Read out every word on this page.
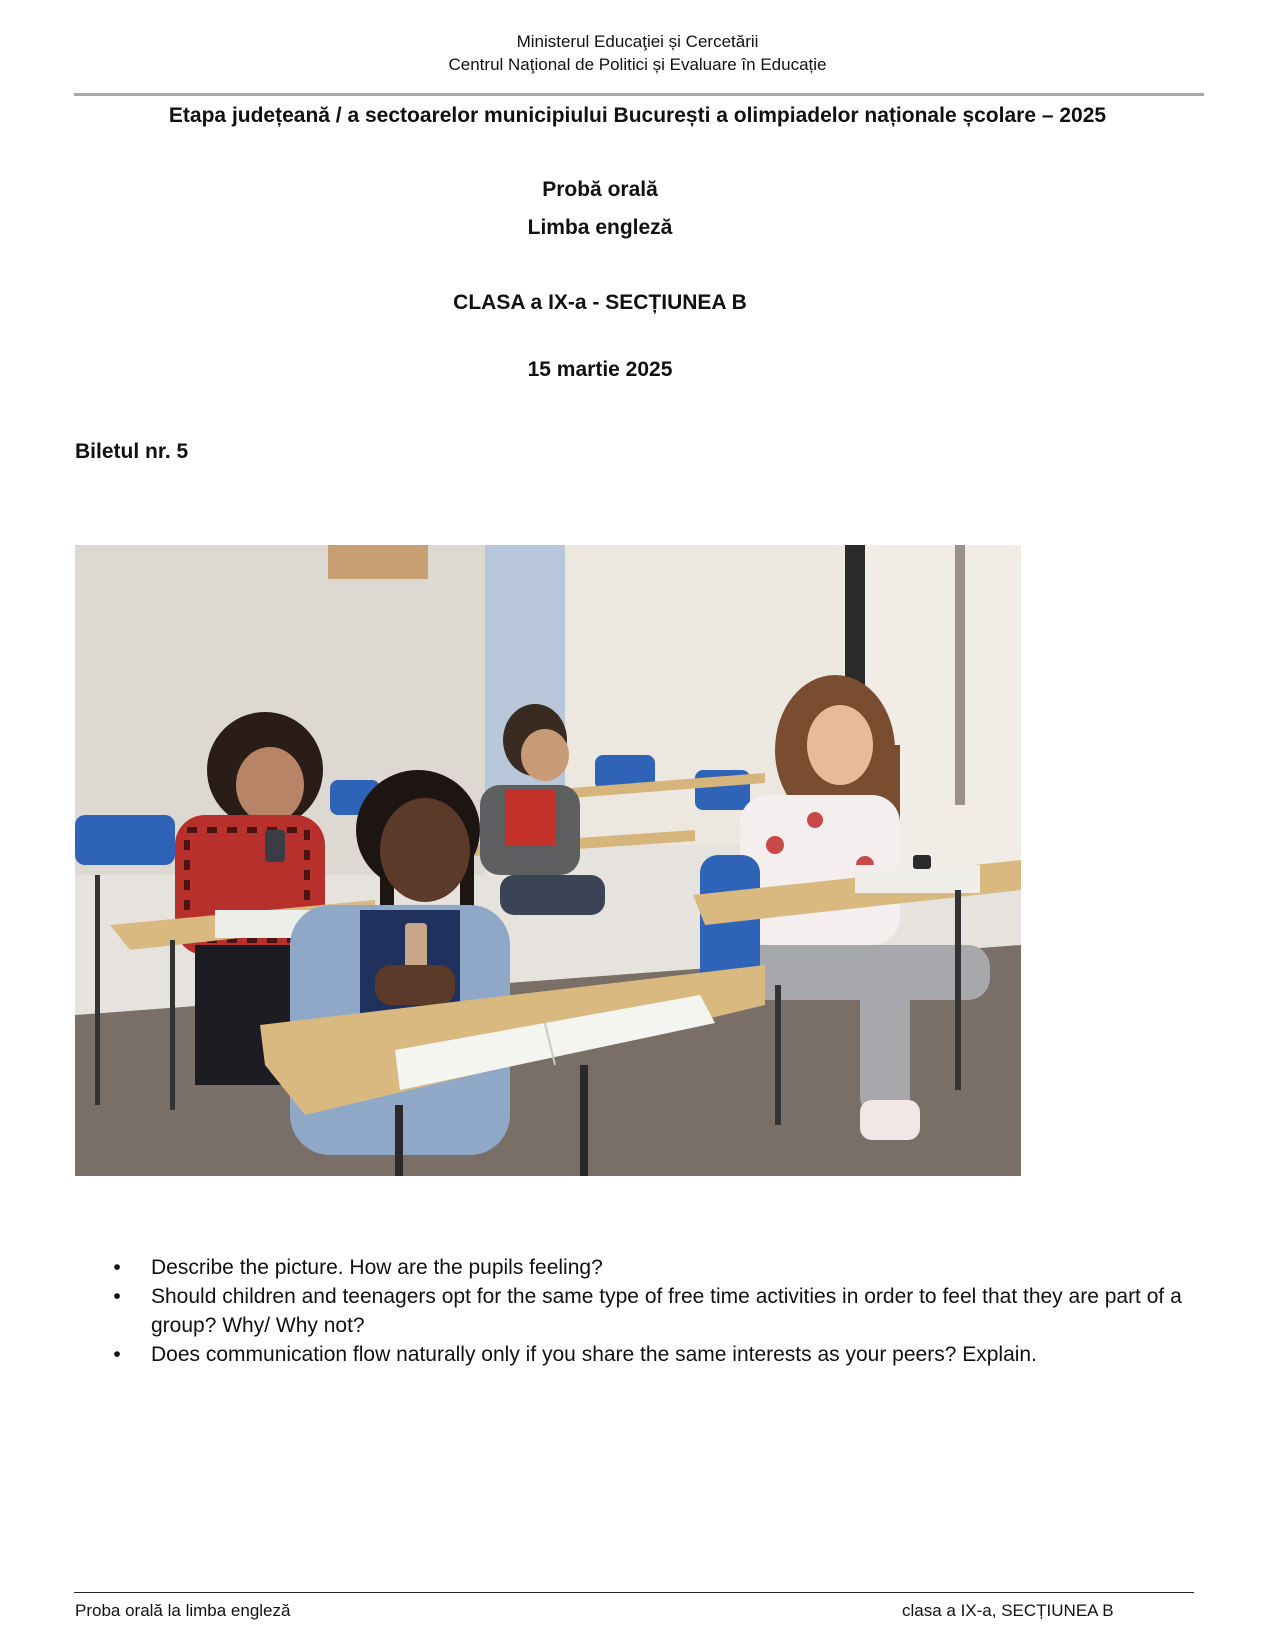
Ministerul Educaţiei și Cercetării
Centrul Naţional de Politici și Evaluare în Educație
Etapa județeană / a sectoarelor municipiului București a olimpiadelor naționale școlare – 2025
Probă orală
Limba engleză
CLASA a IX-a - SECȚIUNEA B
15 martie 2025
Biletul nr. 5
• Describe the picture. How are the pupils feeling?
• Should children and teenagers opt for the same type of free time activities in order to feel that they are part of a group? Why/ Why not?
• Does communication flow naturally only if you share the same interests as your peers? Explain.
Proba orală la limba engleză	clasa a IX-a, SECȚIUNEA B
